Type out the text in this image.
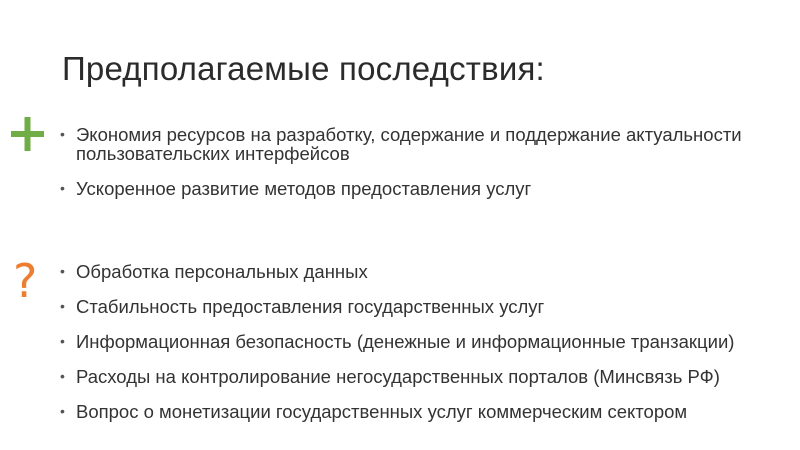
Предполагаемые последствия:
• Экономия ресурсов на разработку, содержание и поддержание актуальности пользовательских интерфейсов
• Ускоренное развитие методов предоставления услуг
? • Обработка персональных данных
• Стабильность предоставления государственных услуг
• Информационная безопасность (денежные и информационные транзакции)
• Расходы на контролирование негосударственных порталов (Минсвязь РФ)
• Вопрос о монетизации государственных услуг коммерческим сектором
